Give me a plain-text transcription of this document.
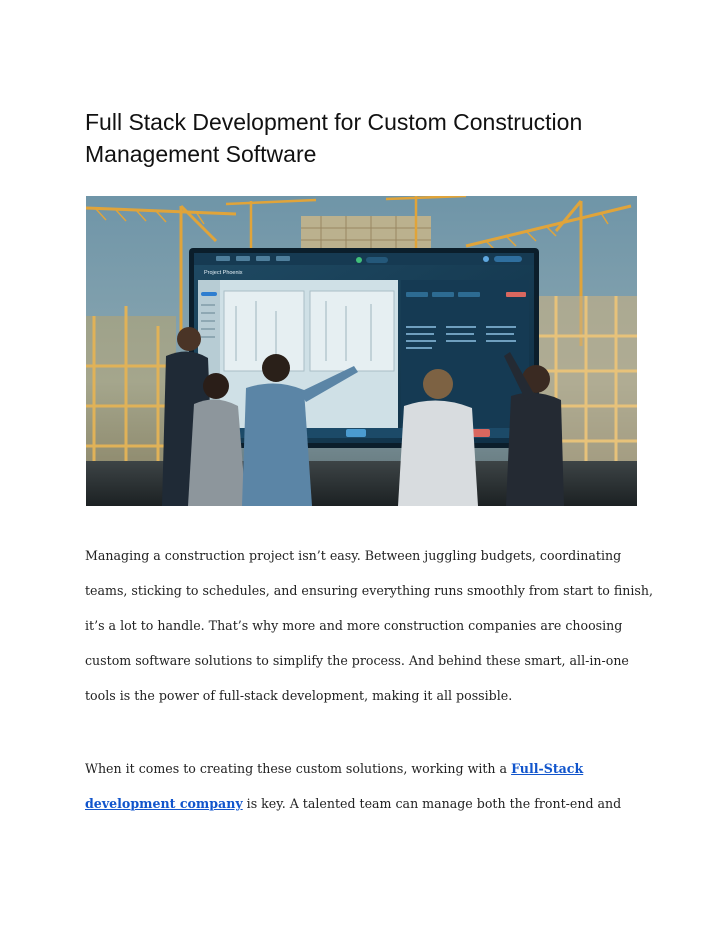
Full Stack Development for Custom Construction
Management Software
Project Phoenix
Managing a construction project isn’t easy. Between juggling budgets, coordinating
teams, sticking to schedules, and ensuring everything runs smoothly from start to finish,
it’s a lot to handle. That’s why more and more construction companies are choosing
custom software solutions to simplify the process. And behind these smart, all-in-one
tools is the power of full-stack development, making it all possible.
When it comes to creating these custom solutions, working with a Full-Stack
development company is key. A talented team can manage both the front-end and
